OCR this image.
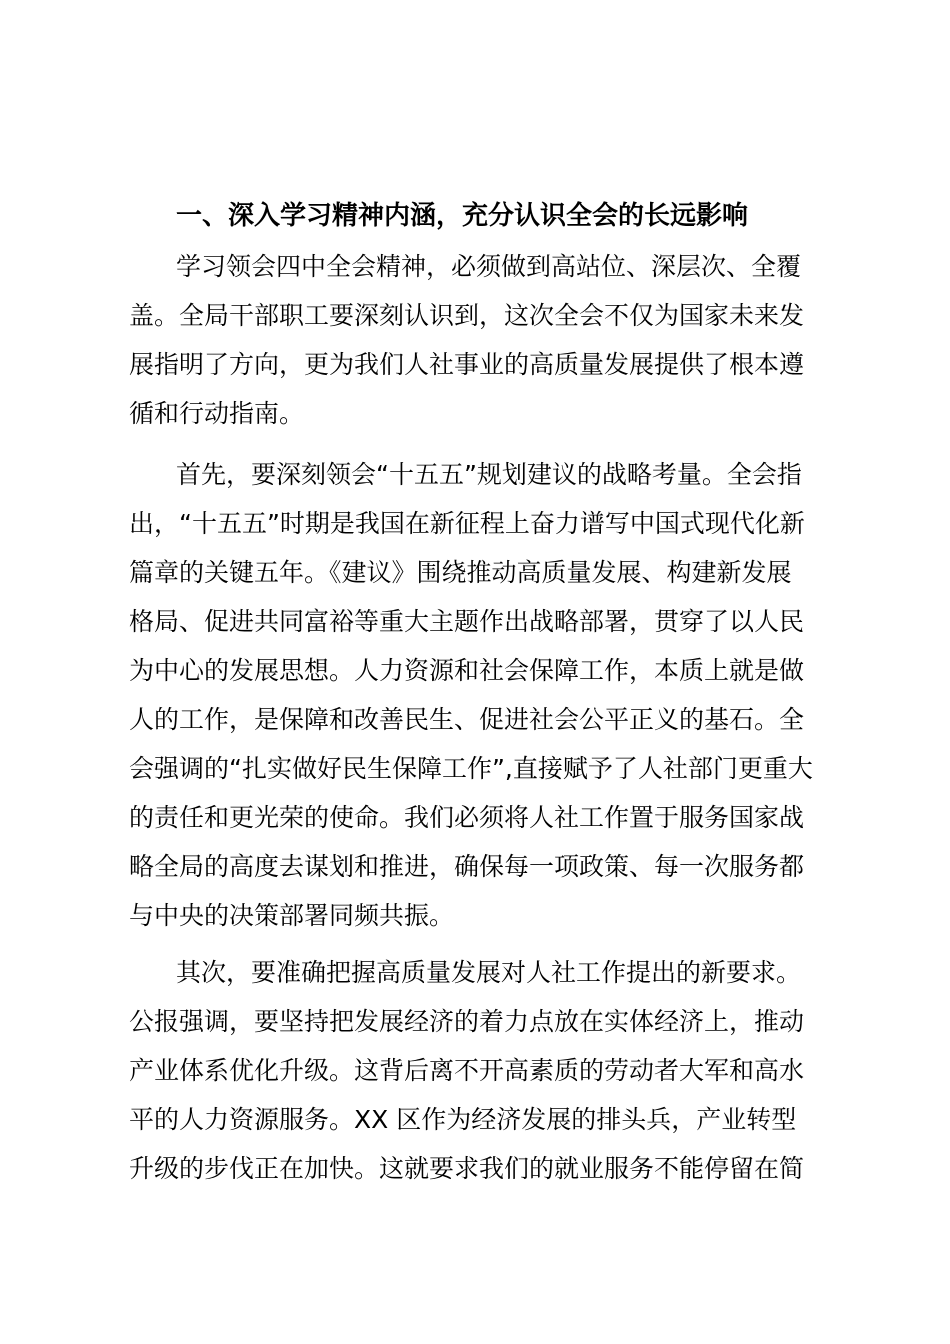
一、深入学习精神内涵，充分认识全会的长远影响
学习领会四中全会精神，必须做到高站位、深层次、全覆
盖。全局干部职工要深刻认识到，这次全会不仅为国家未来发
展指明了方向，更为我们人社事业的高质量发展提供了根本遵
循和行动指南。
首先，要深刻领会“十五五”规划建议的战略考量。全会指
出，“十五五”时期是我国在新征程上奋力谱写中国式现代化新
篇章的关键五年。《建议》围绕推动高质量发展、构建新发展
格局、促进共同富裕等重大主题作出战略部署，贯穿了以人民
为中心的发展思想。人力资源和社会保障工作，本质上就是做
人的工作，是保障和改善民生、促进社会公平正义的基石。全
会强调的“扎实做好民生保障工作”,直接赋予了人社部门更重大
的责任和更光荣的使命。我们必须将人社工作置于服务国家战
略全局的高度去谋划和推进，确保每一项政策、每一次服务都
与中央的决策部署同频共振。
其次，要准确把握高质量发展对人社工作提出的新要求。
公报强调，要坚持把发展经济的着力点放在实体经济上，推动
产业体系优化升级。这背后离不开高素质的劳动者大军和高水
平的人力资源服务。XX 区作为经济发展的排头兵，产业转型
升级的步伐正在加快。这就要求我们的就业服务不能停留在简
